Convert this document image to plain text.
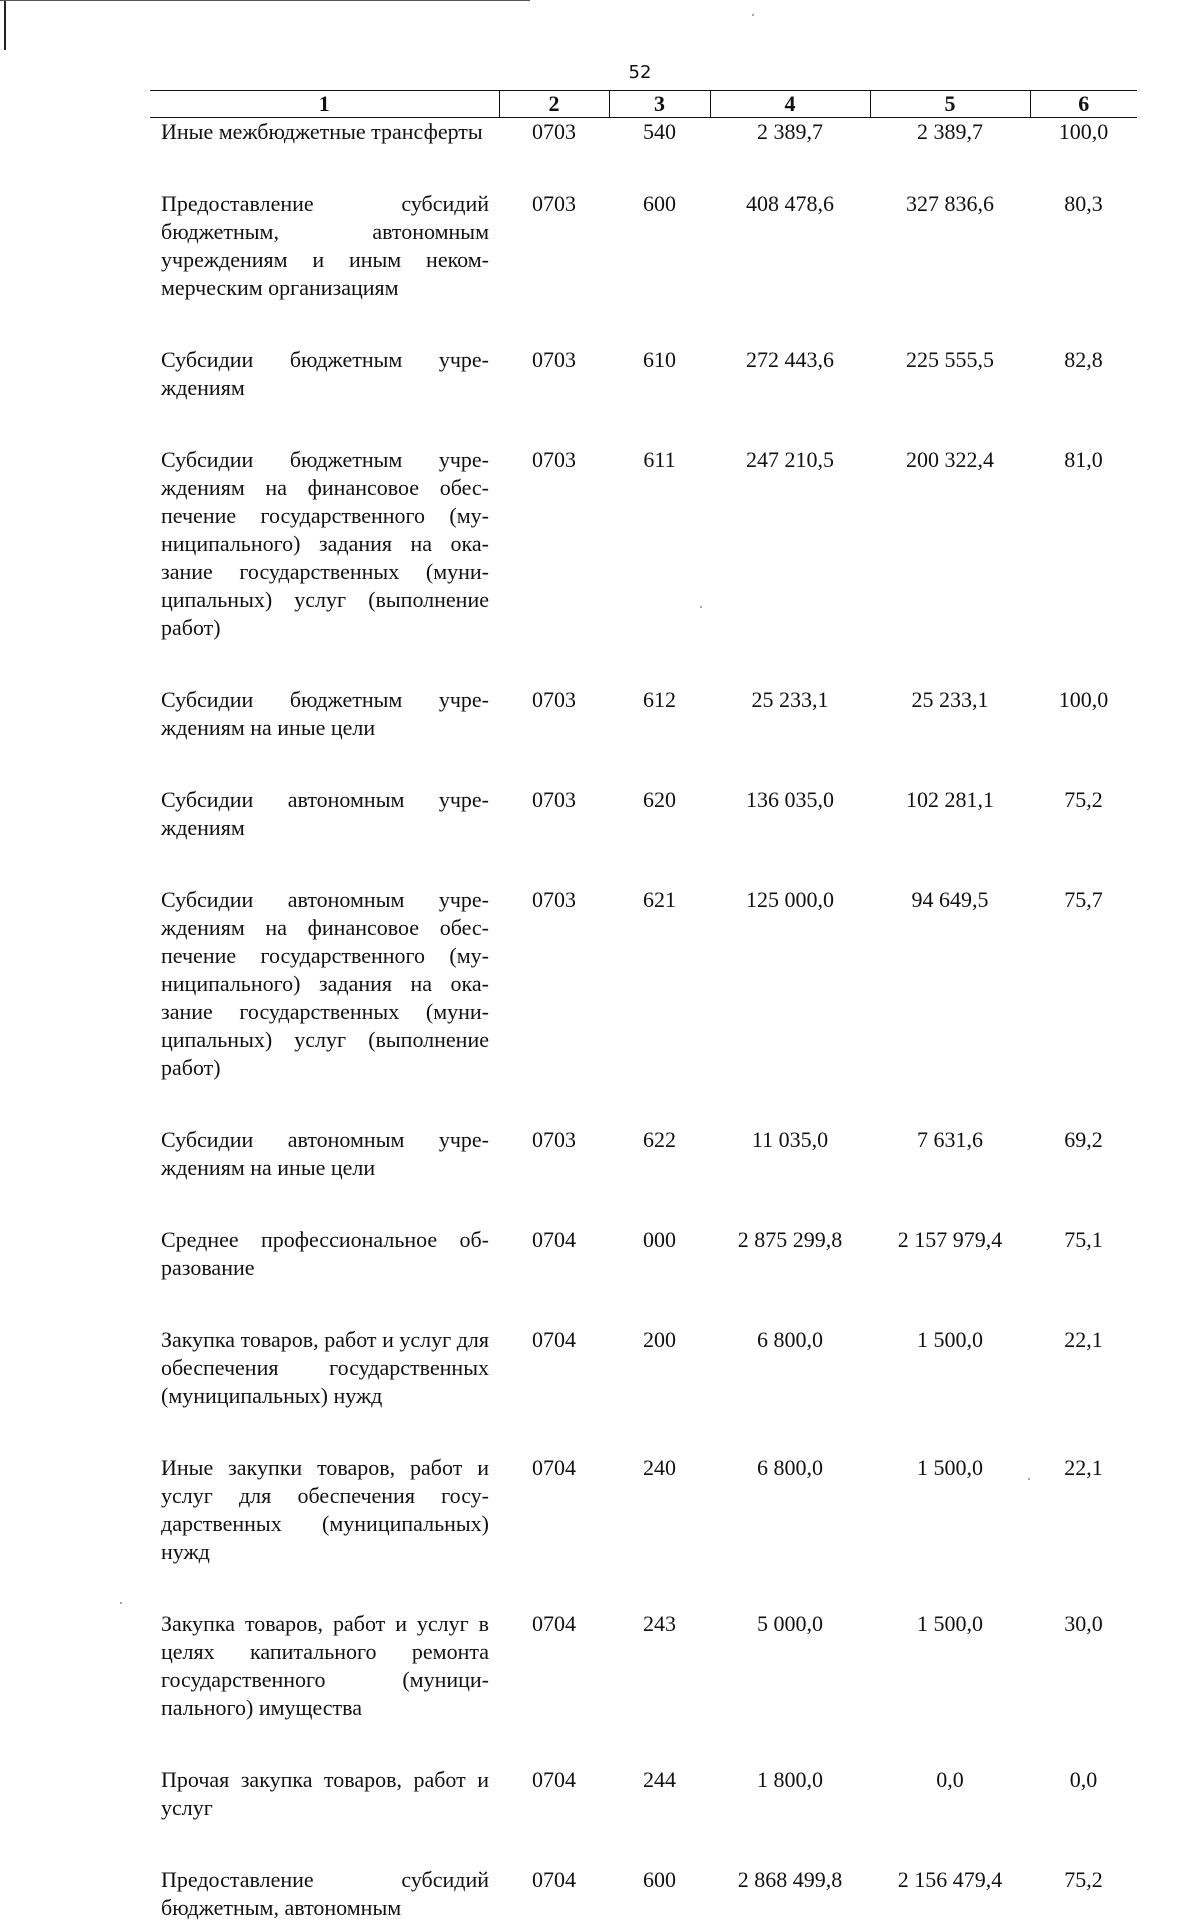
52
1	2	3	4	5	6
Иные межбюджетные трансферты	0703	540	2 389,7	2 389,7	100,0
Предоставление субсидий бюджетным, автономным учреждениям и иным некоммерческим организациям	0703	600	408 478,6	327 836,6	80,3
Субсидии бюджетным учреждениям	0703	610	272 443,6	225 555,5	82,8
Субсидии бюджетным учреждениям на финансовое обеспечение государственного (муниципального) задания на оказание государственных (муниципальных) услуг (выполнение работ)	0703	611	247 210,5	200 322,4	81,0
Субсидии бюджетным учреждениям на иные цели	0703	612	25 233,1	25 233,1	100,0
Субсидии автономным учреждениям	0703	620	136 035,0	102 281,1	75,2
Субсидии автономным учреждениям на финансовое обеспечение государственного (муниципального) задания на оказание государственных (муниципальных) услуг (выполнение работ)	0703	621	125 000,0	94 649,5	75,7
Субсидии автономным учреждениям на иные цели	0703	622	11 035,0	7 631,6	69,2
Среднее профессиональное образование	0704	000	2 875 299,8	2 157 979,4	75,1
Закупка товаров, работ и услуг для обеспечения государственных (муниципальных) нужд	0704	200	6 800,0	1 500,0	22,1
Иные закупки товаров, работ и услуг для обеспечения государственных (муниципальных) нужд	0704	240	6 800,0	1 500,0	22,1
Закупка товаров, работ и услуг в целях капитального ремонта государственного (муниципального) имущества	0704	243	5 000,0	1 500,0	30,0
Прочая закупка товаров, работ и услуг	0704	244	1 800,0	0,0	0,0
Предоставление субсидий бюджетным, автономным	0704	600	2 868 499,8	2 156 479,4	75,2
